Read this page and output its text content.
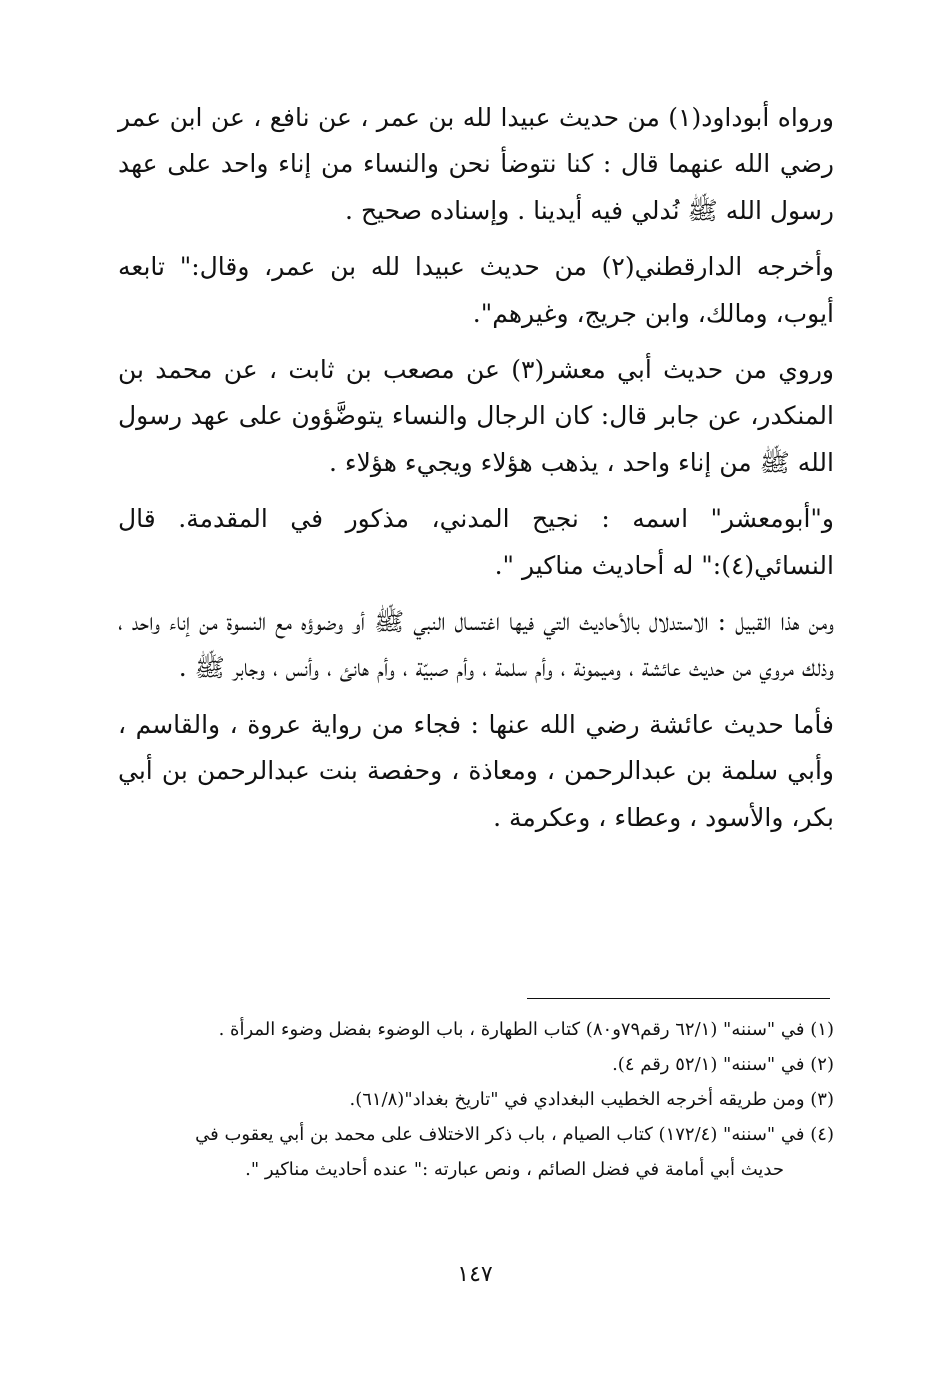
ورواه أبوداود(١) من حديث عبيدا لله بن عمر ، عن نافع ، عن ابن عمر رضي الله عنهما قال : كنا نتوضأ نحن والنساء من إناء واحد على عهد رسول الله ﷺ نُدلي فيه أيدينا . وإسناده صحيح .

وأخرجه الدارقطني(٢) من حديث عبيدا لله بن عمر، وقال:" تابعه أيوب، ومالك، وابن جريج، وغيرهم".

وروي من حديث أبي معشر(٣) عن مصعب بن ثابت ، عن محمد بن المنكدر، عن جابر قال: كان الرجال والنساء يتوضَّؤون على عهد رسول الله ﷺ من إناء واحد ، يذهب هؤلاء ويجيء هؤلاء .

و"أبومعشر" اسمه : نجيح المدني، مذكور في المقدمة. قال النسائي(٤):" له أحاديث مناكير ".

ومن هذا القبيل : الاستدلال بالأحاديث التي فيها اغتسال النبي ﷺ أو وضوؤه مع النسوة من إناء واحد ، وذلك مروي من حديث عائشة ، وميمونة ، وأم سلمة ، وأم صبيّة ، وأم هانئ ، وأنس ، وجابر ﷺ .

فأما حديث عائشة رضي الله عنها : فجاء من رواية عروة ، والقاسم ، وأبي سلمة بن عبدالرحمن ، ومعاذة ، وحفصة بنت عبدالرحمن بن أبي بكر، والأسود ، وعطاء ، وعكرمة .

(١) في "سننه" (٦٢/١ رقم٧٩و٨٠) كتاب الطهارة ، باب الوضوء بفضل وضوء المرأة .

(٢) في "سننه" (٥٢/١ رقم ٤).

(٣) ومن طريقه أخرجه الخطيب البغدادي في "تاريخ بغداد"(٦١/٨).

(٤) في "سننه" (١٧٢/٤) كتاب الصيام ، باب ذكر الاختلاف على محمد بن أبي يعقوب في

حديث أبي أمامة في فضل الصائم ، ونص عبارته :" عنده أحاديث مناكير ".

١٤٧
